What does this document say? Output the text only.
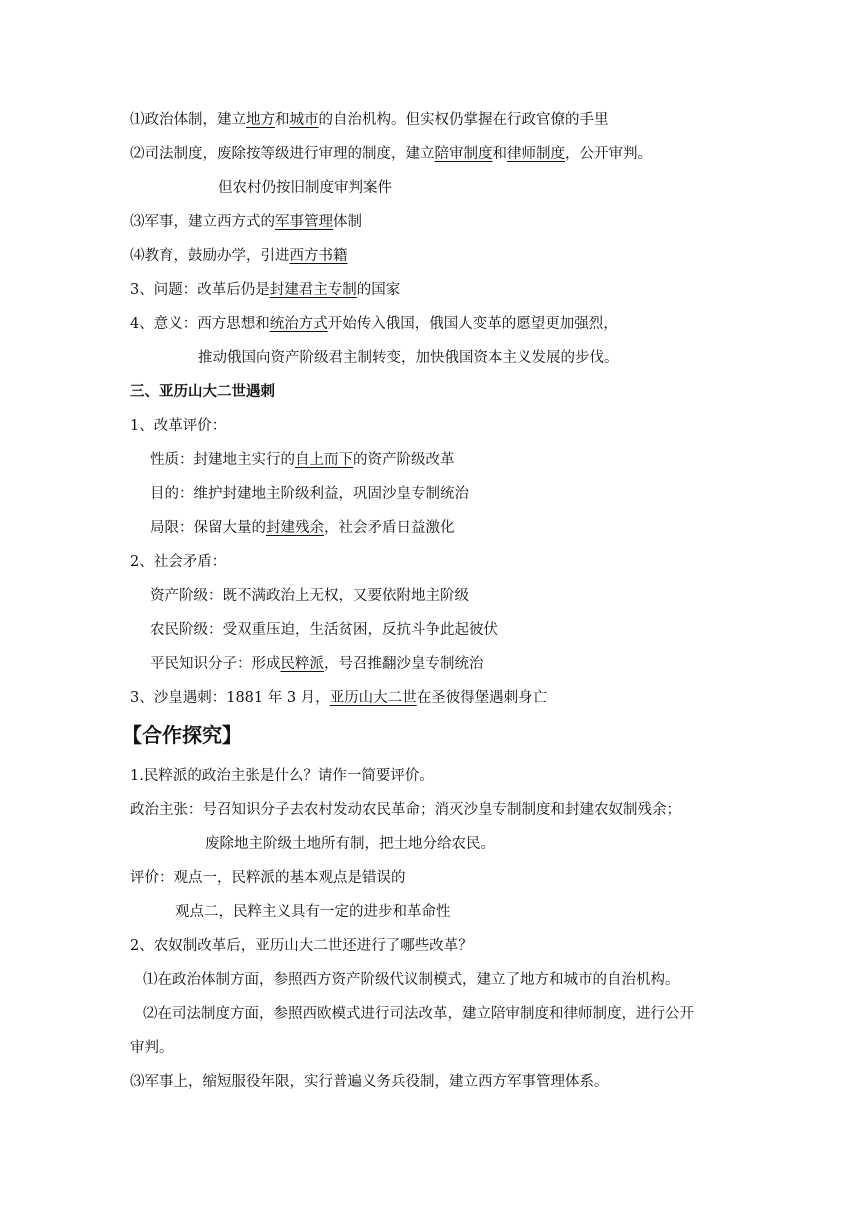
⑴政治体制，建立地方和城市的自治机构。但实权仍掌握在行政官僚的手里
⑵司法制度，废除按等级进行审理的制度，建立陪审制度和律师制度，公开审判。
但农村仍按旧制度审判案件
⑶军事，建立西方式的军事管理体制
⑷教育，鼓励办学，引进西方书籍
3、问题：改革后仍是封建君主专制的国家
4、意义：西方思想和统治方式开始传入俄国，俄国人变革的愿望更加强烈，
推动俄国向资产阶级君主制转变，加快俄国资本主义发展的步伐。
三、亚历山大二世遇刺
1、改革评价：
性质：封建地主实行的自上而下的资产阶级改革
目的：维护封建地主阶级利益，巩固沙皇专制统治
局限：保留大量的封建残余，社会矛盾日益激化
2、社会矛盾：
资产阶级：既不满政治上无权，又要依附地主阶级
农民阶级：受双重压迫，生活贫困，反抗斗争此起彼伏
平民知识分子：形成民粹派，号召推翻沙皇专制统治
3、沙皇遇刺：1881 年 3 月，亚历山大二世在圣彼得堡遇刺身亡
【合作探究】
1.民粹派的政治主张是什么？请作一简要评价。
政治主张：号召知识分子去农村发动农民革命；消灭沙皇专制制度和封建农奴制残余；
废除地主阶级土地所有制，把土地分给农民。
评价：观点一，民粹派的基本观点是错误的
观点二，民粹主义具有一定的进步和革命性
2、农奴制改革后，亚历山大二世还进行了哪些改革？
⑴在政治体制方面，参照西方资产阶级代议制模式，建立了地方和城市的自治机构。
⑵在司法制度方面，参照西欧模式进行司法改革，建立陪审制度和律师制度，进行公开
审判。
⑶军事上，缩短服役年限，实行普遍义务兵役制，建立西方军事管理体系。
